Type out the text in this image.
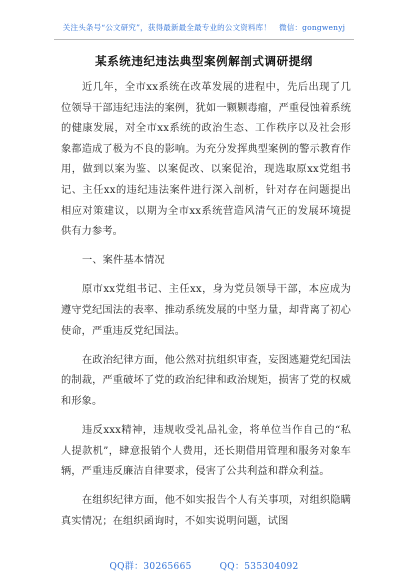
关注头条号“公文研究”，获得最新最全最专业的公文资料库！ 微信：gongwenyj
某系统违纪违法典型案例解剖式调研提纲

近几年，全市xx系统在改革发展的进程中，先后出现了几位领导干部违纪违法的案例，犹如一颗颗毒瘤，严重侵蚀着系统的健康发展，对全市xx系统的政治生态、工作秩序以及社会形象都造成了极为不良的影响。为充分发挥典型案例的警示教育作用，做到以案为鉴、以案促改、以案促治，现选取原xx党组书记、主任xx的违纪违法案件进行深入剖析，针对存在问题提出相应对策建议，以期为全市xx系统营造风清气正的发展环境提供有力参考。

一、案件基本情况

原市xx党组书记、主任xx，身为党员领导干部，本应成为遵守党纪国法的表率、推动系统发展的中坚力量，却背离了初心使命，严重违反党纪国法。

在政治纪律方面，他公然对抗组织审查，妄图逃避党纪国法的制裁，严重破坏了党的政治纪律和政治规矩，损害了党的权威和形象。

违反xxx精神，违规收受礼品礼金，将单位当作自己的“私人提款机”，肆意报销个人费用，还长期借用管理和服务对象车辆，严重违反廉洁自律要求，侵害了公共利益和群众利益。

在组织纪律方面，他不如实报告个人有关事项，对组织隐瞒真实情况；在组织函询时，不如实说明问题，试图

QQ群：30265665	QQ：535304092
